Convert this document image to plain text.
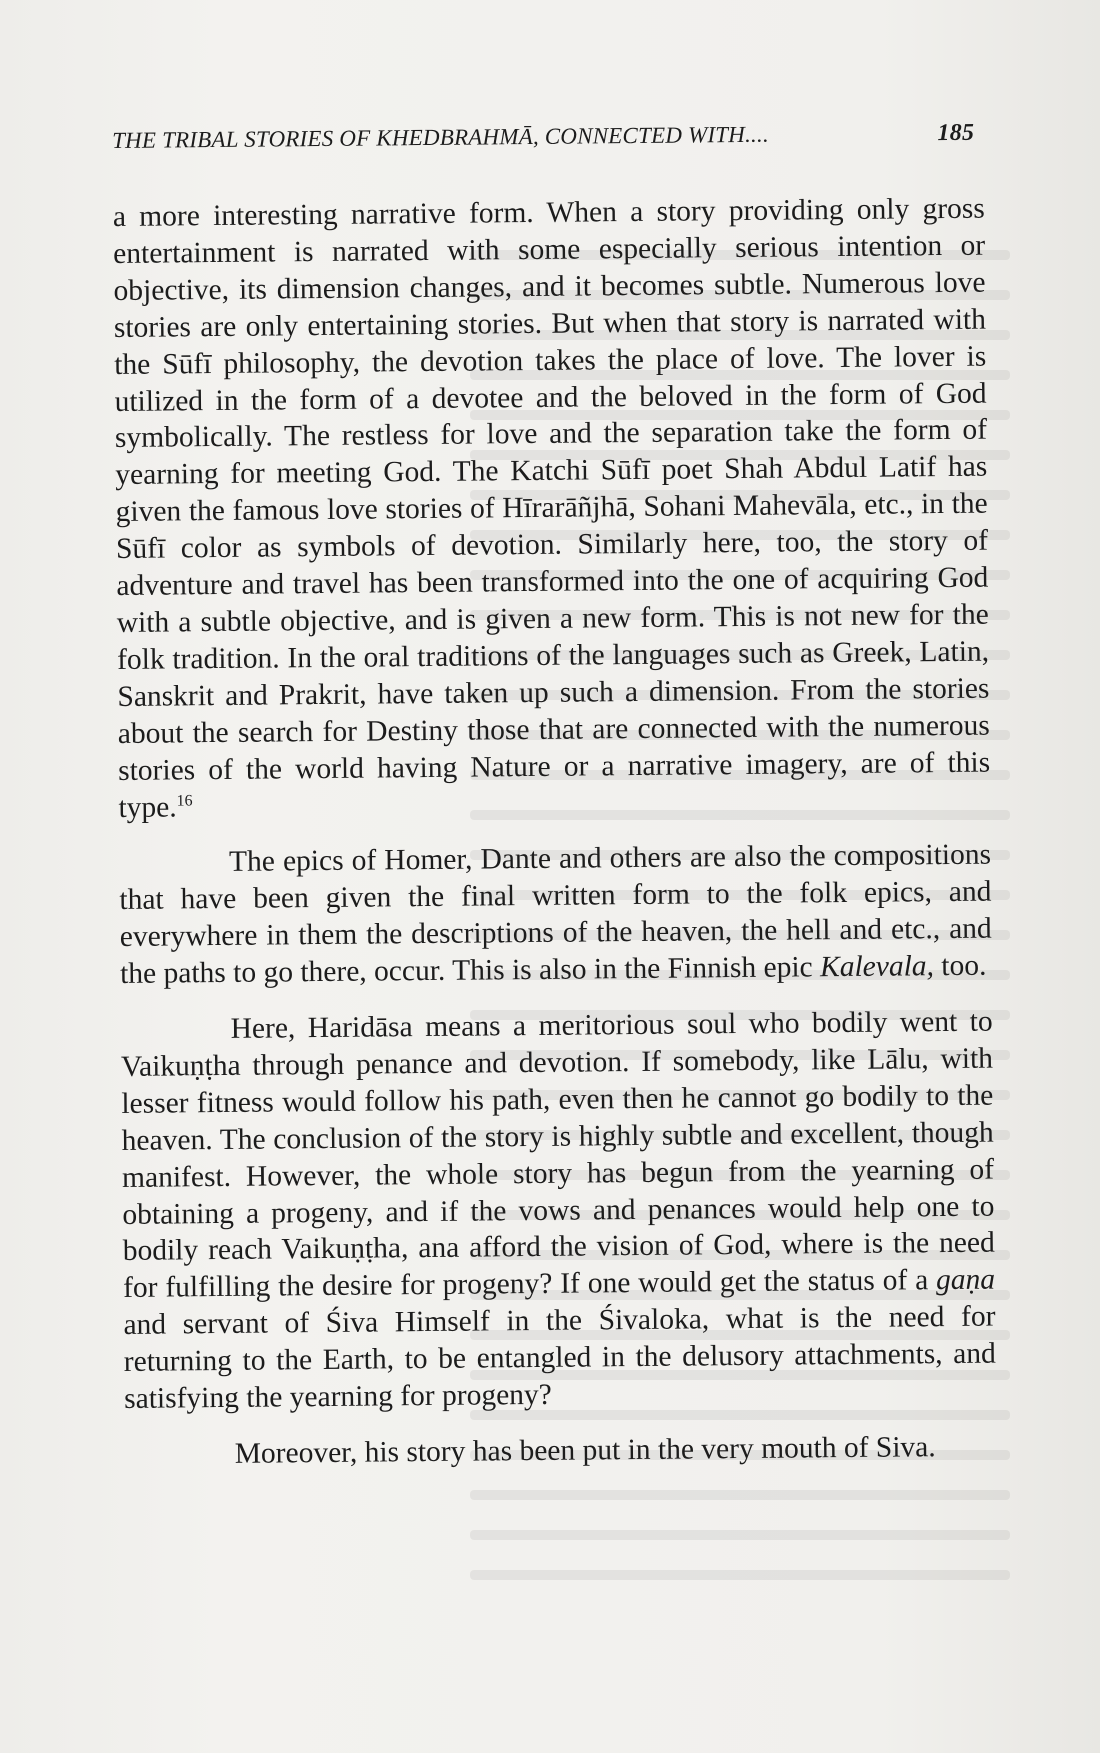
THE TRIBAL STORIES OF KHEDBRAHMĀ, CONNECTED WITH....	185

a more interesting narrative form. When a story providing only gross entertainment is narrated with some especially serious intention or objective, its dimension changes, and it becomes subtle. Numerous love stories are only entertaining stories. But when that story is narrated with the Sūfī philosophy, the devotion takes the place of love. The lover is utilized in the form of a devotee and the beloved in the form of God symbolically. The restless for love and the separation take the form of yearning for meeting God. The Katchi Sūfī poet Shah Abdul Latif has given the famous love stories of Hīrarāñjhā, Sohani Mahevāla, etc., in the Sūfī color as symbols of devotion. Similarly here, too, the story of adventure and travel has been transformed into the one of acquiring God with a subtle objective, and is given a new form. This is not new for the folk tradition. In the oral traditions of the languages such as Greek, Latin, Sanskrit and Prakrit, have taken up such a dimension. From the stories about the search for Destiny those that are connected with the numerous stories of the world having Nature or a narrative imagery, are of this type.$^{16}$

The epics of Homer, Dante and others are also the compositions that have been given the final written form to the folk epics, and everywhere in them the descriptions of the heaven, the hell and etc., and the paths to go there, occur. This is also in the Finnish epic Kalevala, too.

Here, Haridāsa means a meritorious soul who bodily went to Vaikuṇṭha through penance and devotion. If somebody, like Lālu, with lesser fitness would follow his path, even then he cannot go bodily to the heaven. The conclusion of the story is highly subtle and excellent, though manifest. However, the whole story has begun from the yearning of obtaining a progeny, and if the vows and penances would help one to bodily reach Vaikuṇṭha, ana afford the vision of God, where is the need for fulfilling the desire for progeny? If one would get the status of a gaṇa and servant of Śiva Himself in the Śivaloka, what is the need for returning to the Earth, to be entangled in the delusory attachments, and satisfying the yearning for progeny?

Moreover, his story has been put in the very mouth of Siva.
